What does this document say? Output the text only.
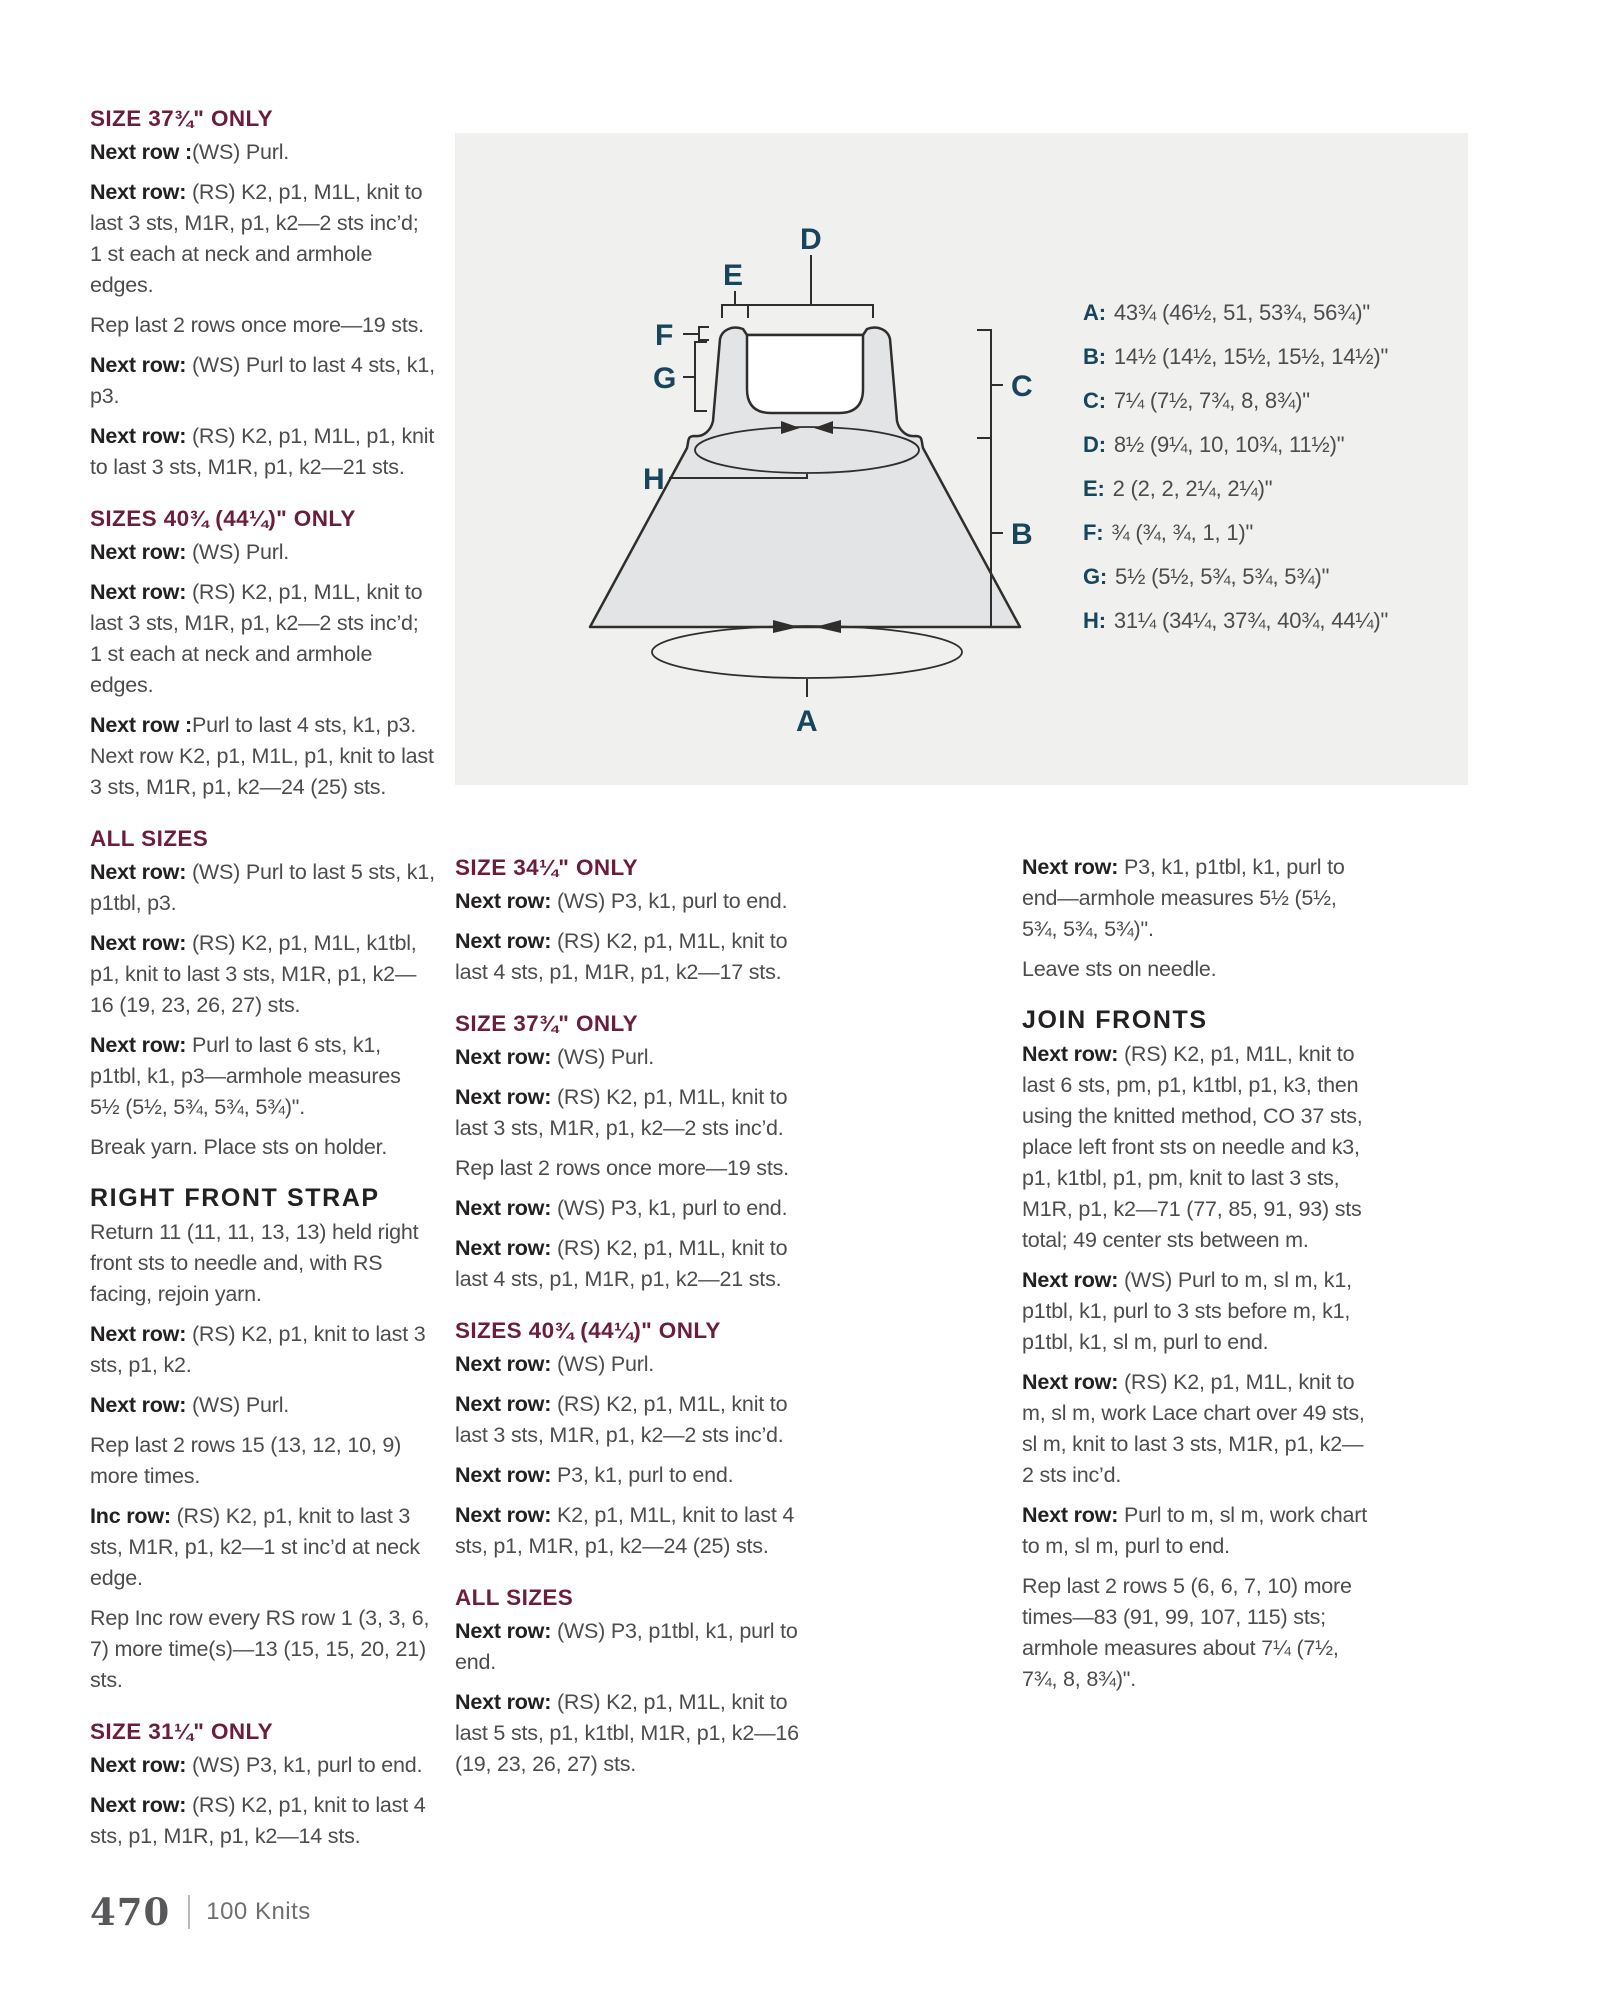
D
E
F
G
H
C
B
A
A: 43¾ (46½, 51, 53¾, 56¾)"
B: 14½ (14½, 15½, 15½, 14½)"
C: 7¼ (7½, 7¾, 8, 8¾)"
D: 8½ (9¼, 10, 10¾, 11½)"
E: 2 (2, 2, 2¼, 2¼)"
F: ¾ (¾, ¾, 1, 1)"
G: 5½ (5½, 5¾, 5¾, 5¾)"
H: 31¼ (34¼, 37¾, 40¾, 44¼)"
SIZE 37¾" ONLY

Next row :(WS) Purl.

Next row: (RS) K2, p1, M1L, knit to last 3 sts, M1R, p1, k2—2 sts inc’d; 1 st each at neck and armhole edges.

Rep last 2 rows once more—19 sts.

Next row: (WS) Purl to last 4 sts, k1, p3.

Next row: (RS) K2, p1, M1L, p1, knit to last 3 sts, M1R, p1, k2—21 sts.

SIZES 40¾ (44¼)" ONLY

Next row: (WS) Purl.

Next row: (RS) K2, p1, M1L, knit to last 3 sts, M1R, p1, k2—2 sts inc’d; 1 st each at neck and armhole edges.

Next row :Purl to last 4 sts, k1, p3. Next row K2, p1, M1L, p1, knit to last 3 sts, M1R, p1, k2—24 (25) sts.

ALL SIZES

Next row: (WS) Purl to last 5 sts, k1, p1tbl, p3.

Next row: (RS) K2, p1, M1L, k1tbl, p1, knit to last 3 sts, M1R, p1, k2—16 (19, 23, 26, 27) sts.

Next row: Purl to last 6 sts, k1, p1tbl, k1, p3—armhole measures 5½ (5½, 5¾, 5¾, 5¾)".

Break yarn. Place sts on holder.

RIGHT FRONT STRAP

Return 11 (11, 11, 13, 13) held right front sts to needle and, with RS facing, rejoin yarn.

Next row: (RS) K2, p1, knit to last 3 sts, p1, k2.

Next row: (WS) Purl.

Rep last 2 rows 15 (13, 12, 10, 9) more times.

Inc row: (RS) K2, p1, knit to last 3 sts, M1R, p1, k2—1 st inc’d at neck edge.

Rep Inc row every RS row 1 (3, 3, 6, 7) more time(s)—13 (15, 15, 20, 21) sts.

SIZE 31¼" ONLY

Next row: (WS) P3, k1, purl to end.

Next row: (RS) K2, p1, knit to last 4 sts, p1, M1R, p1, k2—14 sts.

SIZE 34¼" ONLY

Next row: (WS) P3, k1, purl to end.

Next row: (RS) K2, p1, M1L, knit to last 4 sts, p1, M1R, p1, k2—17 sts.

SIZE 37¾" ONLY

Next row: (WS) Purl.

Next row: (RS) K2, p1, M1L, knit to last 3 sts, M1R, p1, k2—2 sts inc’d.

Rep last 2 rows once more—19 sts.

Next row: (WS) P3, k1, purl to end.

Next row: (RS) K2, p1, M1L, knit to last 4 sts, p1, M1R, p1, k2—21 sts.

SIZES 40¾ (44¼)" ONLY

Next row: (WS) Purl.

Next row: (RS) K2, p1, M1L, knit to last 3 sts, M1R, p1, k2—2 sts inc’d.

Next row: P3, k1, purl to end.

Next row: K2, p1, M1L, knit to last 4 sts, p1, M1R, p1, k2—24 (25) sts.

ALL SIZES

Next row: (WS) P3, p1tbl, k1, purl to end.

Next row: (RS) K2, p1, M1L, knit to last 5 sts, p1, k1tbl, M1R, p1, k2—16 (19, 23, 26, 27) sts.

Next row: P3, k1, p1tbl, k1, purl to end—armhole measures 5½ (5½, 5¾, 5¾, 5¾)".

Leave sts on needle.

JOIN FRONTS

Next row: (RS) K2, p1, M1L, knit to last 6 sts, pm, p1, k1tbl, p1, k3, then using the knitted method, CO 37 sts, place left front sts on needle and k3, p1, k1tbl, p1, pm, knit to last 3 sts, M1R, p1, k2—71 (77, 85, 91, 93) sts total; 49 center sts between m.

Next row: (WS) Purl to m, sl m, k1, p1tbl, k1, purl to 3 sts before m, k1, p1tbl, k1, sl m, purl to end.

Next row: (RS) K2, p1, M1L, knit to m, sl m, work Lace chart over 49 sts, sl m, knit to last 3 sts, M1R, p1, k2—2 sts inc’d.

Next row: Purl to m, sl m, work chart to m, sl m, purl to end.

Rep last 2 rows 5 (6, 6, 7, 10) more times—83 (91, 99, 107, 115) sts; armhole measures about 7¼ (7½, 7¾, 8, 8¾)".

470 100 Knits
